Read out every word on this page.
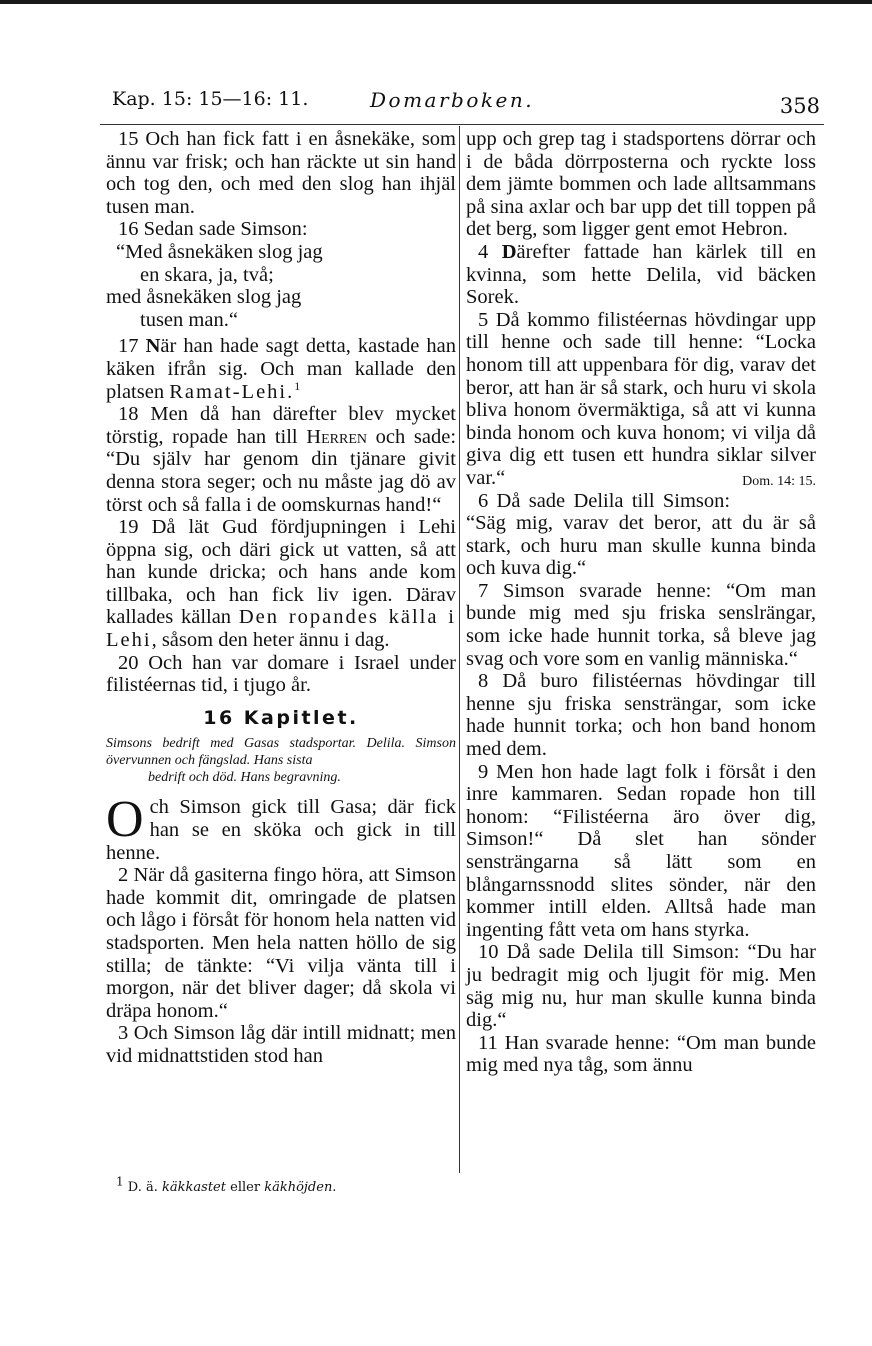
Kap. 15: 15—16: 11.	Domarboken.	358

15 Och han fick fatt i en åsnekäke, som ännu var frisk; och han räckte ut sin hand och tog den, och med den slog han ihjäl tusen man.

16 Sedan sade Simson:

“Med åsnekäken slog jag

en skara, ja, två;

med åsnekäken slog jag

tusen man.“

17 När han hade sagt detta, kastade han käken ifrån sig. Och man kallade den platsen Ramat-Lehi.$^1$

18 Men då han därefter blev mycket törstig, ropade han till Herren och sade: “Du själv har genom din tjänare givit denna stora seger; och nu måste jag dö av törst och så falla i de oomskurnas hand!“

19 Då lät Gud fördjupningen i Lehi öppna sig, och däri gick ut vatten, så att han kunde dricka; och hans ande kom tillbaka, och han fick liv igen. Därav kallades källan Den ropandes källa i Lehi, såsom den heter ännu i dag.

20 Och han var domare i Israel under filistéernas tid, i tjugo år.

16 Kapitlet.
Simsons bedrift med Gasas stadsportar. Delila. Simson övervunnen och fängslad. Hans sista
bedrift och död. Hans begravning.

Och Simson gick till Gasa; där fick han se en sköka och gick in till henne.

2 När då gasiterna fingo höra, att Simson hade kommit dit, omringade de platsen och lågo i försåt för honom hela natten vid stadsporten. Men hela natten höllo de sig stilla; de tänkte: “Vi vilja vänta till i morgon, när det bliver dager; då skola vi dräpa honom.“

3 Och Simson låg där intill midnatt; men vid midnattstiden stod han

upp och grep tag i stadsportens dörrar och i de båda dörrposterna och ryckte loss dem jämte bommen och lade alltsammans på sina axlar och bar upp det till toppen på det berg, som ligger gent emot Hebron.

4 Därefter fattade han kärlek till en kvinna, som hette Delila, vid bäcken Sorek.

5 Då kommo filistéernas hövdingar upp till henne och sade till henne: “Locka honom till att uppenbara för dig, varav det beror, att han är så stark, och huru vi skola bliva honom övermäktiga, så att vi kunna binda honom och kuva honom; vi vilja då giva dig ett tusen ett hundra siklar silver var.“	Dom. 14: 15.

6 Då sade Delila till Simson: “Säg mig, varav det beror, att du är så stark, och huru man skulle kunna binda och kuva dig.“

7 Simson svarade henne: “Om man bunde mig med sju friska senslrängar, som icke hade hunnit torka, så bleve jag svag och vore som en vanlig människa.“

8 Då buro filistéernas hövdingar till henne sju friska sensträngar, som icke hade hunnit torka; och hon band honom med dem.

9 Men hon hade lagt folk i försåt i den inre kammaren. Sedan ropade hon till honom: “Filistéerna äro över dig, Simson!“ Då slet han sönder sensträngarna så lätt som en blångarnssnodd slites sönder, när den kommer intill elden. Alltså hade man ingenting fått veta om hans styrka.

10 Då sade Delila till Simson: “Du har ju bedragit mig och ljugit för mig. Men säg mig nu, hur man skulle kunna binda dig.“

11 Han svarade henne: “Om man bunde mig med nya tåg, som ännu

1 D. ä. käkkastet eller käkhöjden.
